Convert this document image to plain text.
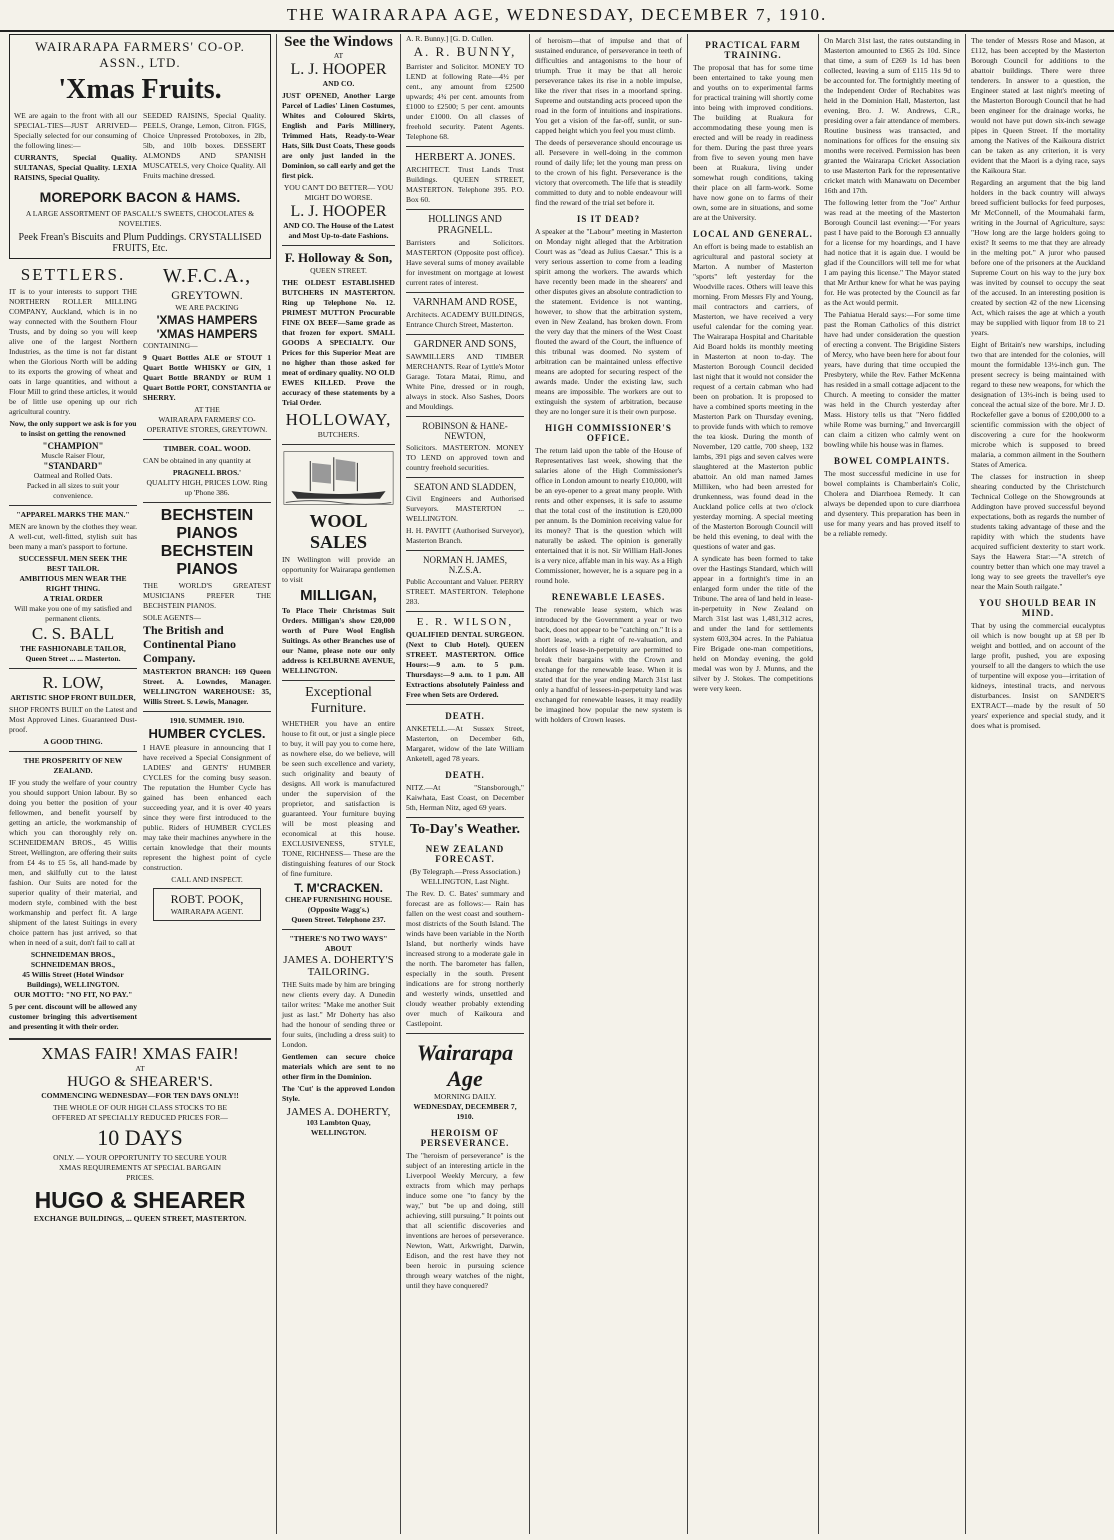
THE WAIRARAPA AGE, WEDNESDAY, DECEMBER 7, 1910.
WAIRARAPA FARMERS' CO-OP. ASSN., LTD.
'Xmas Fruits.
WE are again to the front with all our SPECIAL-TIES—JUST ARRIVED—Specially selected for our consuming of the following lines:—
CURRANTS, Special Quality. SULTANAS, Special Quality. LEXIA RAISINS, Special Quality.
SEEDED RAISINS, Special Quality. PEELS, Orange, Lemon, Citron. FIGS, Choice Unpressed Protoboxes, in 2lb, 5lb, and 10lb boxes. DESSERT ALMONDS AND SPANISH MUSCATELS, very Choice Quality. All Fruits machine dressed.
MOREPORK BACON & HAMS.
A LARGE ASSORTMENT OF PASCALL'S SWEETS, CHOCOLATES & NOVELTIES.
Peek Frean's Biscuits and Plum Puddings. CRYSTALLISED FRUITS, Etc.
SETTLERS.
IT is to your interests to support THE NORTHERN ROLLER MILLING COMPANY, Auckland, which is in no way connected with the Southern Flour Trusts, and by doing so you will keep alive one of the largest Northern Industries, as the time is not far distant when the Glorious North will be adding to its exports the growing of wheat and oats in large quantities, and without a Flour Mill to grind these articles, it would be of little use opening up our rich agricultural country.
Now, the only support we ask is for you to insist on getting the renowned
"CHAMPION"
Muscle Raiser Flour,
"STANDARD"
Oatmeal and Rolled Oats.
Packed in all sizes to suit your convenience.
"APPAREL MARKS THE MAN."
MEN are known by the clothes they wear. A well-cut, well-fitted, stylish suit has been many a man's passport to fortune.
SUCCESSFUL MEN SEEK THE BEST TAILOR.
AMBITIOUS MEN WEAR THE RIGHT THING.
A TRIAL ORDER
Will make you one of my satisfied and permanent clients.
C. S. BALL
THE FASHIONABLE TAILOR,
Queen Street ... ... Masterton.
R. LOW,
ARTISTIC SHOP FRONT BUILDER,
SHOP FRONTS BUILT on the Latest and Most Approved Lines. Guaranteed Dust-proof.
A GOOD THING.
THE PROSPERITY OF NEW ZEALAND.
IF you study the welfare of your country you should support Union labour. By so doing you better the position of your fellowmen, and benefit yourself by getting an article, the workmanship of which you can thoroughly rely on. SCHNEIDEMAN BROS., 45 Willis Street, Wellington, are offering their suits from £4 4s to £5 5s, all hand-made by men, and skilfully cut to the latest fashion. Our Suits are noted for the superior quality of their material, and modern style, combined with the best workmanship and perfect fit. A large shipment of the latest Suitings in every choice pattern has just arrived, so that when in need of a suit, don't fail to call at
SCHNEIDEMAN BROS., SCHNEIDEMAN BROS.,
45 Willis Street (Hotel Windsor Buildings), WELLINGTON.
OUR MOTTO: "NO FIT, NO PAY."
5 per cent. discount will be allowed any customer bringing this advertisement and presenting it with their order.
W.F.C.A.,
GREYTOWN.
WE ARE PACKING
'XMAS HAMPERS
'XMAS HAMPERS
CONTAINING—
9 Quart Bottles ALE or STOUT 1 Quart Bottle WHISKY or GIN, 1 Quart Bottle BRANDY or RUM 1 Quart Bottle PORT, CONSTANTIA or SHERRY.
AT THE
WAIRARAPA FARMERS' CO-OPERATIVE STORES, GREYTOWN.
TIMBER. COAL. WOOD.
CAN be obtained in any quantity at
PRAGNELL BROS.'
QUALITY HIGH, PRICES LOW. Ring up 'Phone 386.
BECHSTEIN
PIANOS
BECHSTEIN
PIANOS
THE WORLD'S GREATEST MUSICIANS PREFER THE BECHSTEIN PIANOS.
SOLE AGENTS—
The British and Continental Piano Company.
MASTERTON BRANCH: 169 Queen Street. A. Lowndes, Manager. WELLINGTON WAREHOUSE: 35, Willis Street. S. Lewis, Manager.
1910. SUMMER. 1910.
HUMBER CYCLES.
I HAVE pleasure in announcing that I have received a Special Consignment of LADIES' and GENTS' HUMBER CYCLES for the coming busy season. The reputation the Humber Cycle has gained has been enhanced each succeeding year, and it is over 40 years since they were first introduced to the public. Riders of HUMBER CYCLES may take their machines anywhere in the certain knowledge that their mounts represent the highest point of cycle construction.
CALL AND INSPECT.
ROBT. POOK,
WAIRARAPA AGENT.
XMAS FAIR! XMAS FAIR!
AT
HUGO & SHEARER'S.
COMMENCING WEDNESDAY—FOR TEN DAYS ONLY!!
THE WHOLE OF OUR HIGH CLASS STOCKS TO BE OFFERED AT SPECIALLY REDUCED PRICES FOR—
10 DAYS
ONLY. — YOUR OPPORTUNITY TO SECURE YOUR XMAS REQUIREMENTS AT SPECIAL BARGAIN PRICES.
HUGO & SHEARER
EXCHANGE BUILDINGS, ... QUEEN STREET, MASTERTON.
See the Windows
AT
L. J. HOOPER
AND CO.
JUST OPENED, Another Large Parcel of Ladies' Linen Costumes, Whites and Coloured Skirts, English and Paris Millinery, Trimmed Hats, Ready-to-Wear Hats, Silk Dust Coats, These goods are only just landed in the Dominion, so call early and get the first pick.
YOU CAN'T DO BETTER— YOU MIGHT DO WORSE.
L. J. HOOPER
AND CO. The House of the Latest and Most Up-to-date Fashions.
F. Holloway & Son,
QUEEN STREET.
THE OLDEST ESTABLISHED BUTCHERS IN MASTERTON. Ring up Telephone No. 12. PRIMEST MUTTON Procurable FINE OX BEEF—Same grade as that frozen for export. SMALL GOODS A SPECIALTY. Our Prices for this Superior Meat are no higher than those asked for meat of ordinary quality. NO OLD EWES KILLED. Prove the accuracy of these statements by a Trial Order.
HOLLOWAY,
BUTCHERS.
WOOL SALES
IN Wellington will provide an opportunity for Wairarapa gentlemen to visit
MILLIGAN,
To Place Their Christmas Suit Orders. Milligan's show £20,000 worth of Pure Wool English Suitings. As other Branches use of our Name, please note our only address is KELBURNE AVENUE, WELLINGTON.
Exceptional Furniture.
WHETHER you have an entire house to fit out, or just a single piece to buy, it will pay you to come here, as nowhere else, do we believe, will be seen such excellence and variety, such originality and beauty of designs. All work is manufactured under the supervision of the proprietor, and satisfaction is guaranteed. Your furniture buying will be most pleasing and economical at this house. EXCLUSIVENESS, STYLE, TONE, RICHNESS— These are the distinguishing features of our Stock of fine furniture.
T. M'CRACKEN.
CHEAP FURNISHING HOUSE. (Opposite Wagg's.)
Queen Street. Telephone 237.
"THERE'S NO TWO WAYS" ABOUT
JAMES A. DOHERTY'S TAILORING.
THE Suits made by him are bringing new clients every day. A Dunedin tailor writes: "Make me another Suit just as last." Mr Doherty has also had the honour of sending three or four suits, (including a dress suit) to London.
Gentlemen can secure choice materials which are sent to no other firm in the Dominion.
The 'Cut' is the approved London Style.
JAMES A. DOHERTY,
103 Lambton Quay, WELLINGTON.
A. R. Bunny.] [G. D. Cullen.
A. R. BUNNY,
Barrister and Solicitor. MONEY TO LEND at following Rate—4½ per cent., any amount from £2500 upwards; 4¾ per cent. amounts from £1000 to £2500; 5 per cent. amounts under £1000. On all classes of freehold security. Patent Agents. Telephone 68.
HERBERT A. JONES.
ARCHITECT. Trust Lands Trust Buildings. QUEEN STREET, MASTERTON. Telephone 395. P.O. Box 60.
HOLLINGS AND PRAGNELL.
Barristers and Solicitors. MASTERTON (Opposite post office). Have several sums of money available for investment on mortgage at lowest current rates of interest.
VARNHAM AND ROSE,
Architects. ACADEMY BUILDINGS, Entrance Church Street, Masterton.
GARDNER AND SONS,
SAWMILLERS AND TIMBER MERCHANTS. Rear of Lyttle's Motor Garage. Totara Matai, Rimu, and White Pine, dressed or in rough, always in stock. Also Sashes, Doors and Mouldings.
ROBINSON & HANE-NEWTON,
Solicitors. MASTERTON. MONEY TO LEND on approved town and country freehold securities.
SEATON AND SLADDEN,
Civil Engineers and Authorised Surveyors. MASTERTON ... WELLINGTON.
H. H. PAVITT (Authorised Surveyor), Masterton Branch.
NORMAN H. JAMES, N.Z.S.A.
Public Accountant and Valuer. PERRY STREET. MASTERTON. Telephone 283.
E. R. WILSON,
QUALIFIED DENTAL SURGEON. (Next to Club Hotel). QUEEN STREET. MASTERTON. Office Hours:—9 a.m. to 5 p.m. Thursdays:—9 a.m. to 1 p.m. All Extractions absolutely Painless and Free when Sets are Ordered.
DEATH.
ANKETELL.—At Sussex Street, Masterton, on December 6th, Margaret, widow of the late William Anketell, aged 78 years.
DEATH.
NITZ.—At "Stansborough," Kaiwhata, East Coast, on December 5th, Herman Nitz, aged 69 years.
To-Day's Weather.
NEW ZEALAND FORECAST.
(By Telegraph.—Press Association.)
WELLINGTON, Last Night.
The Rev. D. C. Bates' summary and forecast are as follows:— Rain has fallen on the west coast and southern-most districts of the South Island. The winds have been variable in the North Island, but northerly winds have increased strong to a moderate gale in the north. The barometer has fallen, especially in the south. Present indications are for strong northerly and westerly winds, unsettled and cloudy weather probably extending over much of Kaikoura and Castlepoint.
Wairarapa Age
MORNING DAILY.
WEDNESDAY, DECEMBER 7, 1910.
HEROISM OF PERSEVERANCE.
The "heroism of perseverance" is the subject of an interesting article in the Liverpool Weekly Mercury, a few extracts from which may perhaps induce some one "to fancy by the way," but "be up and doing, still achieving, still pursuing." It points out that all scientific discoveries and inventions are heroes of perseverance. Newton, Watt, Arkwright, Darwin, Edison, and the rest have they not been heroic in pursuing science through weary watches of the night, until they have conquered?
of heroism—that of impulse and that of sustained endurance, of perseverance in teeth of difficulties and antagonisms to the hour of triumph. True it may be that all heroic perseverance takes its rise in a noble impulse, like the river that rises in a moorland spring. Supreme and outstanding acts proceed upon the road in the form of intuitions and inspirations. You get a vision of the far-off, sunlit, or sun-capped height which you feel you must climb.
The deeds of perseverance should encourage us all. Persevere in well-doing in the common round of daily life; let the young man press on to the crown of his fight. Perseverance is the victory that overcometh. The life that is steadily committed to duty and to noble endeavour will find the reward of the trial set before it.
IS IT DEAD?
A speaker at the "Labour" meeting in Masterton on Monday night alleged that the Arbitration Court was as "dead as Julius Caesar." This is a very serious assertion to come from a leading spirit among the workers. The awards which have recently been made in the shearers' and other disputes gives an absolute contradiction to the statement. Evidence is not wanting, however, to show that the arbitration system, even in New Zealand, has broken down. From the very day that the miners of the West Coast flouted the award of the Court, the influence of this tribunal was doomed. No system of arbitration can be maintained unless effective means are adopted for securing respect of the awards made. Under the existing law, such means are impossible. The workers are out to extinguish the system of arbitration, because they are no longer sure it is their own purpose.
HIGH COMMISSIONER'S OFFICE.
The return laid upon the table of the House of Representatives last week, showing that the salaries alone of the High Commissioner's office in London amount to nearly £10,000, will be an eye-opener to a great many people. With rents and other expenses, it is safe to assume that the total cost of the institution is £20,000 per annum. Is the Dominion receiving value for its money? That is the question which will naturally be asked. The opinion is generally entertained that it is not. Sir William Hall-Jones is a very nice, affable man in his way. As a High Commissioner, however, he is a square peg in a round hole.
RENEWABLE LEASES.
The renewable lease system, which was introduced by the Government a year or two back, does not appear to be "catching on." It is a short lease, with a right of re-valuation, and holders of lease-in-perpetuity are permitted to break their bargains with the Crown and exchange for the renewable lease. When it is stated that for the year ending March 31st last only a handful of lessees-in-perpetuity land was exchanged for renewable leases, it may readily be imagined how popular the new system is with holders of Crown leases.
PRACTICAL FARM TRAINING.
The proposal that has for some time been entertained to take young men and youths on to experimental farms for practical training will shortly come into being with improved conditions. The building at Ruakura for accommodating these young men is erected and will be ready in readiness for them. During the past three years from five to seven young men have been at Ruakura, living under somewhat rough conditions, taking their place on all farm-work. Some have now gone on to farms of their own, some are in situations, and some are at the University.
LOCAL AND GENERAL.
An effort is being made to establish an agricultural and pastoral society at Marton. A number of Masterton "sports" left yesterday for the Woodville races. Others will leave this morning. From Messrs Fly and Young, mail contractors and carriers, of Masterton, we have received a very useful calendar for the coming year. The Wairarapa Hospital and Charitable Aid Board holds its monthly meeting in Masterton at noon to-day. The Masterton Borough Council decided last night that it would not consider the request of a certain cabman who had been on probation. It is proposed to have a combined sports meeting in the Masterton Park on Thursday evening, to provide funds with which to remove the tea kiosk. During the month of November, 120 cattle, 700 sheep, 132 lambs, 391 pigs and seven calves were slaughtered at the Masterton public abattoir. An old man named James Milliken, who had been arrested for drunkenness, was found dead in the Auckland police cells at two o'clock yesterday morning. A special meeting of the Masterton Borough Council will be held this evening, to deal with the questions of water and gas.
A syndicate has been formed to take over the Hastings Standard, which will appear in a fortnight's time in an enlarged form under the title of the Tribune. The area of land held in lease-in-perpetuity in New Zealand on March 31st last was 1,481,312 acres, and under the land for settlements system 603,304 acres. In the Pahiatua Fire Brigade one-man competitions, held on Monday evening, the gold medal was won by J. Munns, and the silver by J. Stokes. The competitions were very keen.
On March 31st last, the rates outstanding in Masterton amounted to £365 2s 10d. Since that time, a sum of £269 1s 1d has been collected, leaving a sum of £115 11s 9d to be accounted for. The fortnightly meeting of the Independent Order of Rechabites was held in the Dominion Hall, Masterton, last evening, Bro. J. W. Andrews, C.R., presiding over a fair attendance of members. Routine business was transacted, and nominations for offices for the ensuing six months were received. Permission has been granted the Wairarapa Cricket Association to use Masterton Park for the representative cricket match with Manawatu on December 16th and 17th.
The following letter from the "Joe" Arthur was read at the meeting of the Masterton Borough Council last evening:—"For years past I have paid to the Borough £3 annually for a license for my hoardings, and I have had notice that it is again due. I would be glad if the Councillors will tell me for what I am paying this license." The Mayor stated that Mr Arthur knew for what he was paying for. He was protected by the Council as far as the Act would permit.
The Pahiatua Herald says:—For some time past the Roman Catholics of this district have had under consideration the question of erecting a convent. The Brigidine Sisters of Mercy, who have been here for about four years, have during that time occupied the Presbytery, while the Rev. Father McKenna has resided in a small cottage adjacent to the Church. A meeting to consider the matter was held in the Church yesterday after Mass. History tells us that "Nero fiddled while Rome was burning," and Invercargill can claim a citizen who calmly went on bowling while his house was in flames.
BOWEL COMPLAINTS.
The most successful medicine in use for bowel complaints is Chamberlain's Colic, Cholera and Diarrhoea Remedy. It can always be depended upon to cure diarrhoea and dysentery. This preparation has been in use for many years and has proved itself to be a reliable remedy.
The tender of Messrs Rose and Mason, at £112, has been accepted by the Masterton Borough Council for additions to the abattoir buildings. There were three tenderers. In answer to a question, the Engineer stated at last night's meeting of the Masterton Borough Council that he had been engineer for the drainage works, he would not have put down six-inch sewage pipes in Queen Street. If the mortality among the Natives of the Kaikoura district can be taken as any criterion, it is very evident that the Maori is a dying race, says the Kaikoura Star.
Regarding an argument that the big land holders in the back country will always breed sufficient bullocks for feed purposes, Mr McConnell, of the Moumahaki farm, writing in the Journal of Agriculture, says: "How long are the large holders going to exist? It seems to me that they are already in the melting pot." A juror who paused before one of the prisoners at the Auckland Supreme Court on his way to the jury box was invited by counsel to occupy the seat of the accused. In an interesting position is created by section 42 of the new Licensing Act, which raises the age at which a youth may be supplied with liquor from 18 to 21 years.
Eight of Britain's new warships, including two that are intended for the colonies, will mount the formidable 13½-inch gun. The present secrecy is being maintained with regard to these new weapons, for which the designation of 13½-inch is being used to conceal the actual size of the bore. Mr J. D. Rockefeller gave a bonus of £200,000 to a scientific commission with the object of discovering a cure for the hookworm microbe which is supposed to breed malaria, a common ailment in the Southern States of America.
The classes for instruction in sheep shearing conducted by the Christchurch Technical College on the Showgrounds at Addington have proved successful beyond expectations, both as regards the number of students taking advantage of these and the rapidity with which the students have acquired sufficient dexterity to start work. Says the Hawera Star:—"A stretch of country better than which one may travel a long way to see greets the traveller's eye near the Main South railgate."
YOU SHOULD BEAR IN MIND.
That by using the commercial eucalyptus oil which is now bought up at £8 per lb weight and bottled, and on account of the large profit, pushed, you are exposing yourself to all the dangers to which the use of turpentine will expose you—irritation of kidneys, intestinal tracts, and nervous disturbances. Insist on SANDER'S EXTRACT—made by the result of 50 years' experience and special study, and it does what is promised.
